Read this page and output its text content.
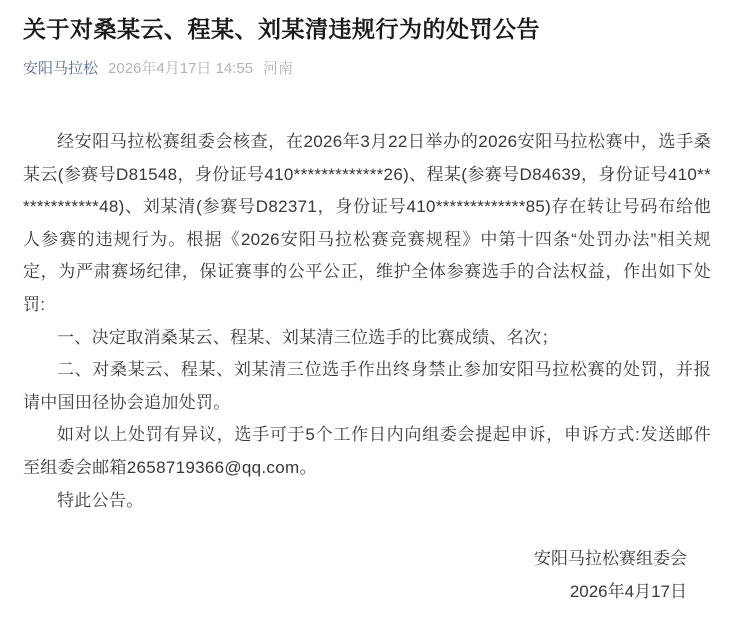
关于对桑某云、程某、刘某清违规行为的处罚公告
安阳马拉松 2026年4月17日 14:55 河南

经安阳马拉松赛组委会核查，在2026年3月22日举办的2026安阳马拉松赛中，选手桑某云(参赛号D81548，身份证号410*************26)、程某(参赛号D84639，身份证号410*************48)、刘某清(参赛号D82371，身份证号410*************85)存在转让号码布给他人参赛的违规行为。根据《2026安阳马拉松赛竞赛规程》中第十四条“处罚办法”相关规定，为严肃赛场纪律，保证赛事的公平公正，维护全体参赛选手的合法权益，作出如下处罚:

一、决定取消桑某云、程某、刘某清三位选手的比赛成绩、名次；

二、对桑某云、程某、刘某清三位选手作出终身禁止参加安阳马拉松赛的处罚，并报请中国田径协会追加处罚。

如对以上处罚有异议，选手可于5个工作日内向组委会提起申诉，申诉方式:发送邮件至组委会邮箱2658719366@qq.com。

特此公告。

安阳马拉松赛组委会

2026年4月17日
